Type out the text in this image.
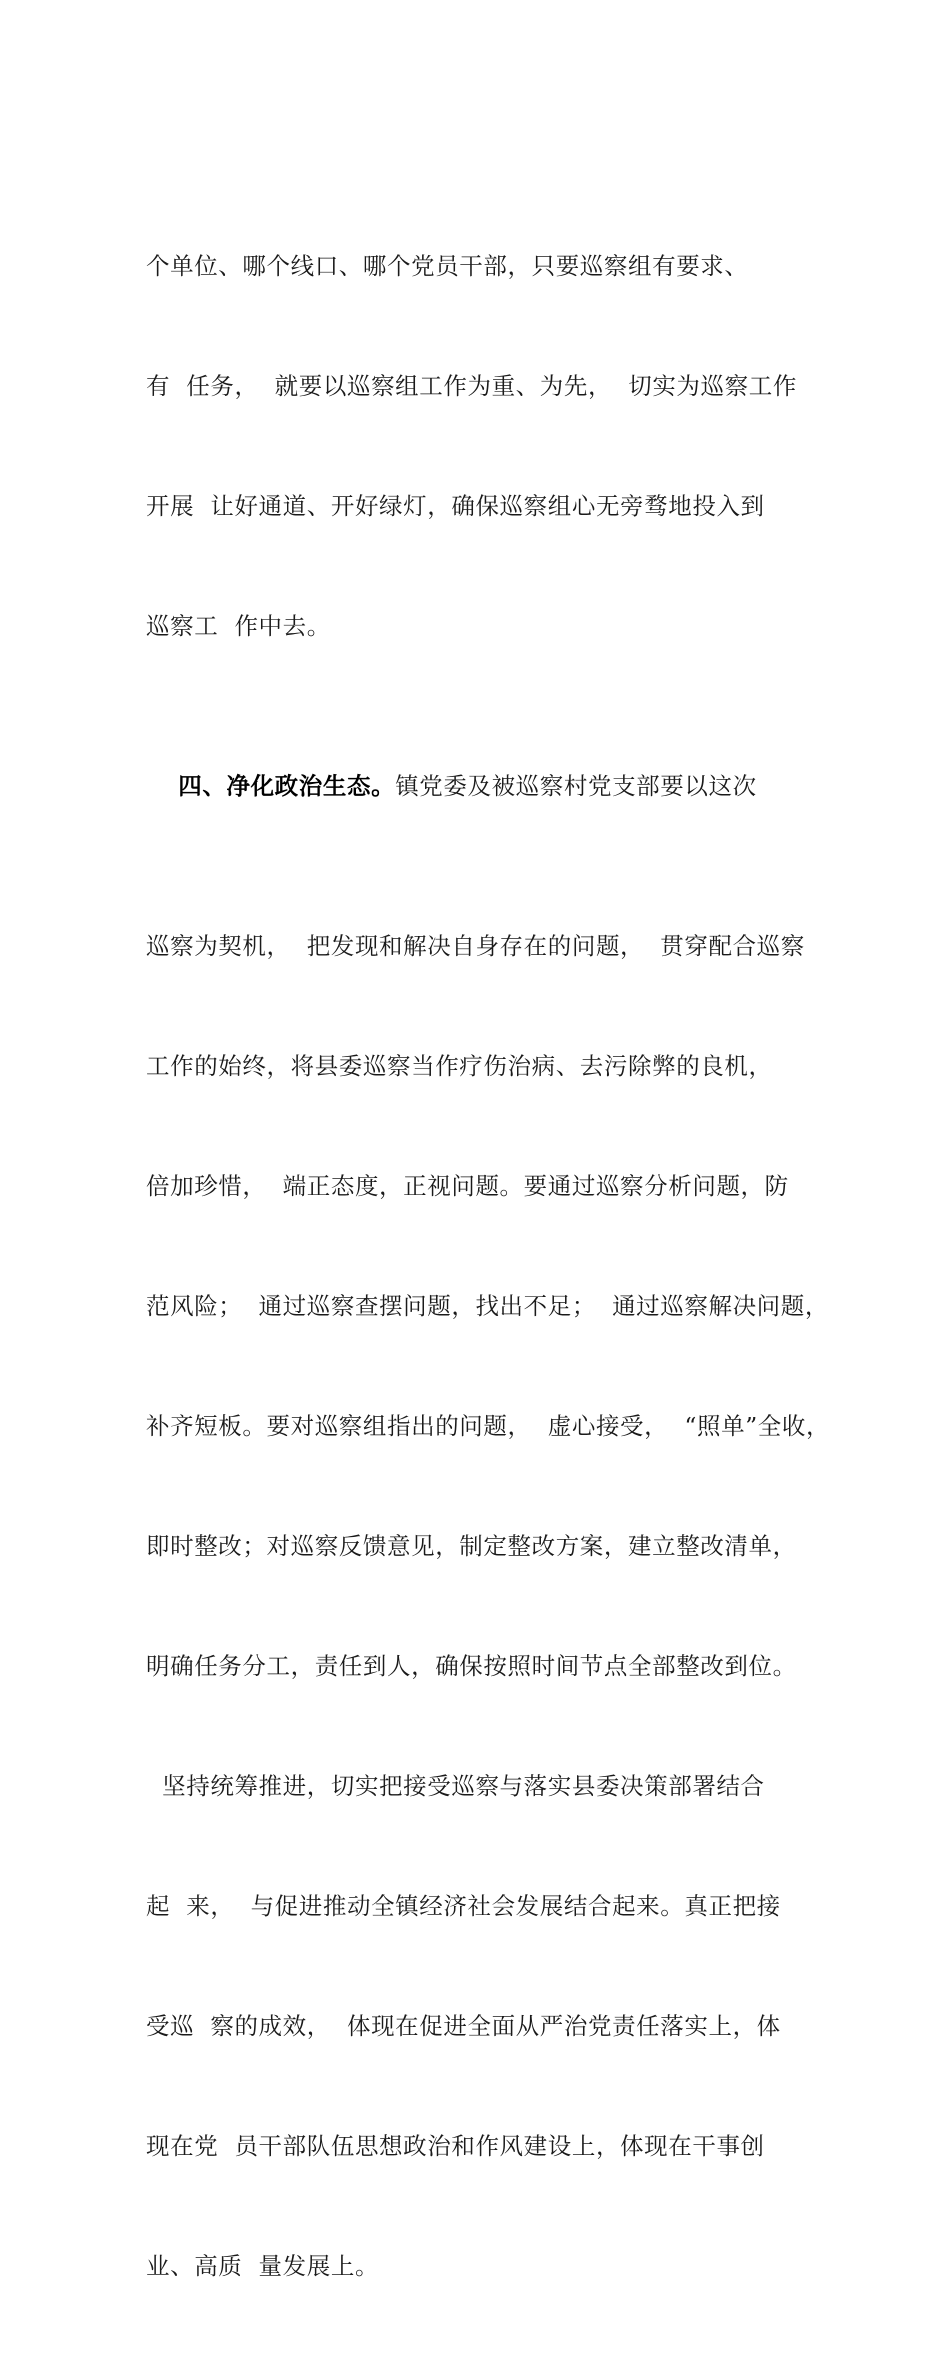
个单位、哪个线口、哪个党员干部，只要巡察组有要求、

有  任务，  就要以巡察组工作为重、为先，  切实为巡察工作

开展  让好通道、开好绿灯，确保巡察组心无旁骛地投入到

巡察工  作中去。

四、净化政治生态。镇党委及被巡察村党支部要以这次

巡察为契机，  把发现和解决自身存在的问题，  贯穿配合巡察

工作的始终，将县委巡察当作疗伤治病、去污除弊的良机，

倍加珍惜，  端正态度，正视问题。要通过巡察分析问题，防

范风险；  通过巡察查摆问题，找出不足；  通过巡察解决问题，

补齐短板。要对巡察组指出的问题，  虚心接受，  “照单”全收，

即时整改；对巡察反馈意见，制定整改方案，建立整改清单，

明确任务分工，责任到人，确保按照时间节点全部整改到位。

坚持统筹推进，切实把接受巡察与落实县委决策部署结合

起  来，  与促进推动全镇经济社会发展结合起来。真正把接

受巡  察的成效，  体现在促进全面从严治党责任落实上，体

现在党  员干部队伍思想政治和作风建设上，体现在干事创

业、高质  量发展上。
